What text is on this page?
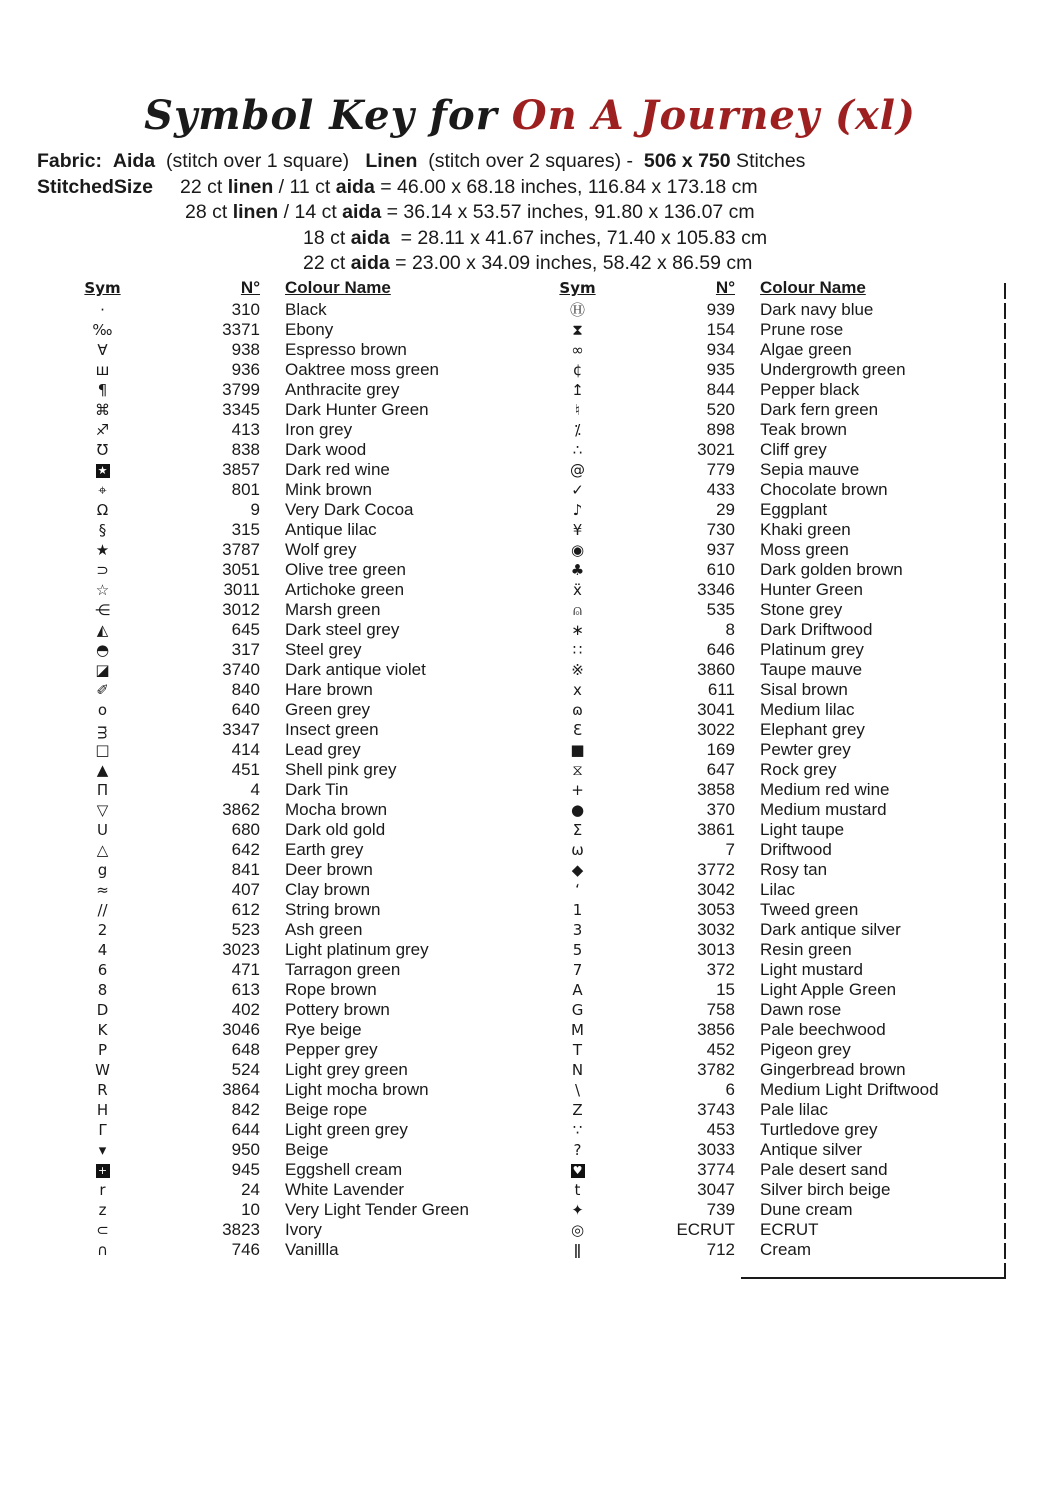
Symbol Key for On A Journey (xl)
Fabric: Aida  (stitch over 1 square)   Linen  (stitch over 2 squares) -  506 x 750 Stitches
StitchedSize     22 ct linen / 11 ct aida = 46.00 x 68.18 inches, 116.84 x 173.18 cm
28 ct linen / 14 ct aida = 36.14 x 53.57 inches, 91.80 x 136.07 cm
18 ct aida  = 28.11 x 41.67 inches, 71.40 x 105.83 cm
22 ct aida = 23.00 x 34.09 inches, 58.42 x 86.59 cm
Sym	N°	Colour Name
·	310	Black
‰	3371	Ebony
∀	938	Espresso brown
ш	936	Oaktree moss green
¶	3799	Anthracite grey
⌘	3345	Dark Hunter Green
♐	413	Iron grey
Ʊ	838	Dark wood
★	3857	Dark red wine
⌖	801	Mink brown
Ω	9	Very Dark Cocoa
§	315	Antique lilac
★	3787	Wolf grey
⊃	3051	Olive tree green
☆	3011	Artichoke green
⋲	3012	Marsh green
◭	645	Dark steel grey
◓	317	Steel grey
◪	3740	Dark antique violet
✐	840	Hare brown
o	640	Green grey
ᴟ	3347	Insect green
□	414	Lead grey
▲	451	Shell pink grey
Π	4	Dark Tin
▽	3862	Mocha brown
U	680	Dark old gold
△	642	Earth grey
g	841	Deer brown
≈	407	Clay brown
//	612	String brown
2	523	Ash green
4	3023	Light platinum grey
6	471	Tarragon green
8	613	Rope brown
D	402	Pottery brown
K	3046	Rye beige
P	648	Pepper grey
W	524	Light grey green
R	3864	Light mocha brown
H	842	Beige rope
Γ	644	Light green grey
▾	950	Beige
+	945	Eggshell cream
r	24	White Lavender
z	10	Very Light Tender Green
⊂	3823	Ivory
∩	746	Vanillla
Sym	N°	Colour Name
Ⓗ	939	Dark navy blue
⧗	154	Prune rose
∞	934	Algae green
¢	935	Undergrowth green
↥	844	Pepper black
♮	520	Dark fern green
⁒	898	Teak brown
∴	3021	Cliff grey
@	779	Sepia mauve
✓	433	Chocolate brown
♪	29	Eggplant
¥	730	Khaki green
◉	937	Moss green
♣	610	Dark golden brown
ẍ	3346	Hunter Green
⍝	535	Stone grey
∗	8	Dark Driftwood
∷	646	Platinum grey
※	3860	Taupe mauve
x	611	Sisal brown
ɷ	3041	Medium lilac
Ɛ	3022	Elephant grey
■	169	Pewter grey
⧖	647	Rock grey
+	3858	Medium red wine
●	370	Medium mustard
Σ	3861	Light taupe
ω	7	Driftwood
◆	3772	Rosy tan
ʻ	3042	Lilac
1	3053	Tweed green
3	3032	Dark antique silver
5	3013	Resin green
7	372	Light mustard
A	15	Light Apple Green
G	758	Dawn rose
M	3856	Pale beechwood
T	452	Pigeon grey
N	3782	Gingerbread brown
\	6	Medium Light Driftwood
Z	3743	Pale lilac
∵	453	Turtledove grey
?	3033	Antique silver
♥	3774	Pale desert sand
t	3047	Silver birch beige
✦	739	Dune cream
◎	ECRUT	ECRUT
ǁ	712	Cream
